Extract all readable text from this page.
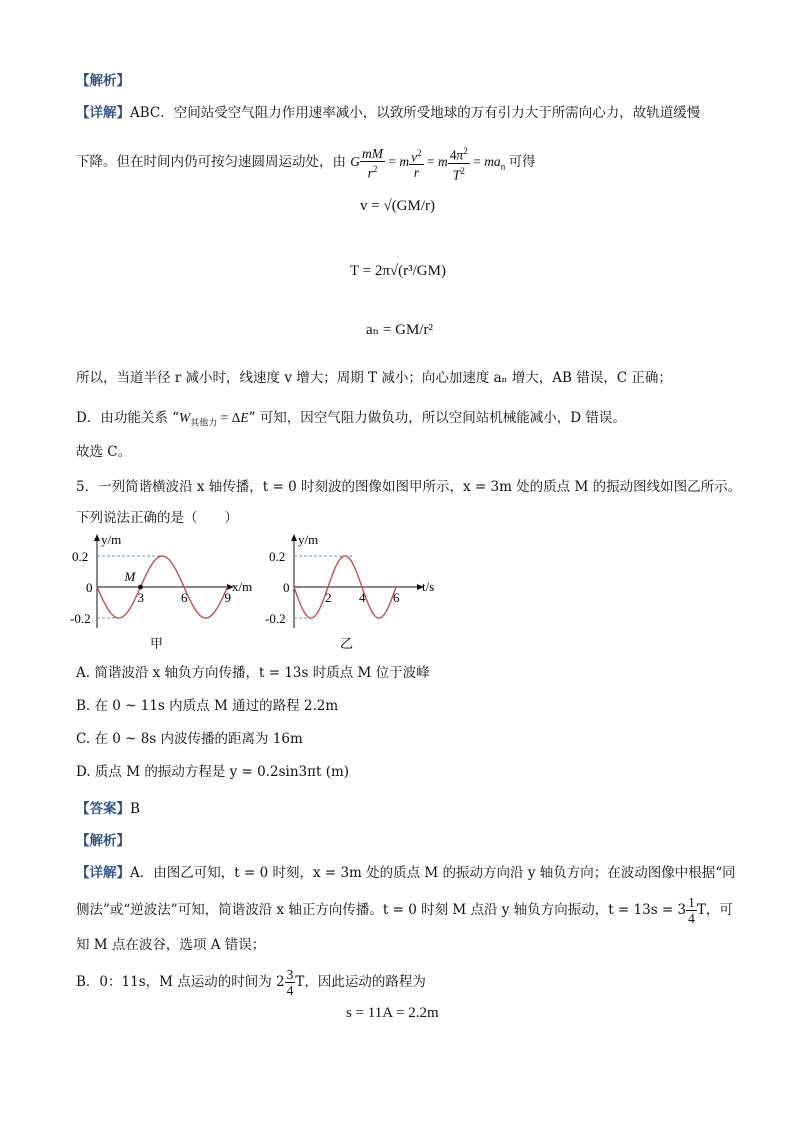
【解析】
【详解】ABC．空间站受空气阻力作用速率减小，以致所受地球的万有引力大于所需向心力，故轨道缓慢
下降。但在时间内仍可按匀速圆周运动处，由 G $\frac{mM}{r^2} = m \frac{v^2}{r} = m \frac{4\pi^2}{T^2} = ma_n$ 可得
v = √(GM/r)
T = 2π√(r³/GM)
aₙ = GM/r²
所以，当道半径 r 减小时，线速度 v 增大；周期 T 减小；向心加速度 aₙ 增大，AB 错误，C 正确；
D．由功能关系 “$W_{其他力} = \Delta E$” 可知，因空气阻力做负功，所以空间站机械能减小，D 错误。
故选 C。
5．一列简谐横波沿 x 轴传播，t = 0 时刻波的图像如图甲所示，x = 3m 处的质点 M 的振动图线如图乙所示。
下列说法正确的是（　　）
M
y/m
x/m
0.2
0
-0.2
3	6	9
甲
y/m
t/s
0.2
0
-0.2
2 4 6
乙
A. 简谐波沿 x 轴负方向传播，t = 13s 时质点 M 位于波峰
B. 在 0 ~ 11s 内质点 M 通过的路程 2.2m
C. 在 0 ~ 8s 内波传播的距离为 16m
D. 质点 M 的振动方程是 y = 0.2sin3πt (m)
【答案】B
【解析】
【详解】A．由图乙可知，t = 0 时刻，x = 3m 处的质点 M 的振动方向沿 y 轴负方向；在波动图像中根据“同
侧法”或“逆波法”可知，简谐波沿 x 轴正方向传播。t = 0 时刻 M 点沿 y 轴负方向振动，$t = 13s = 3 \frac{1}{4}$ T，可
知 M 点在波谷，选项 A 错误；
B．0：11s，M 点运动的时间为 $2 \frac{3}{4}$ T，因此运动的路程为
s = 11A = 2.2m
